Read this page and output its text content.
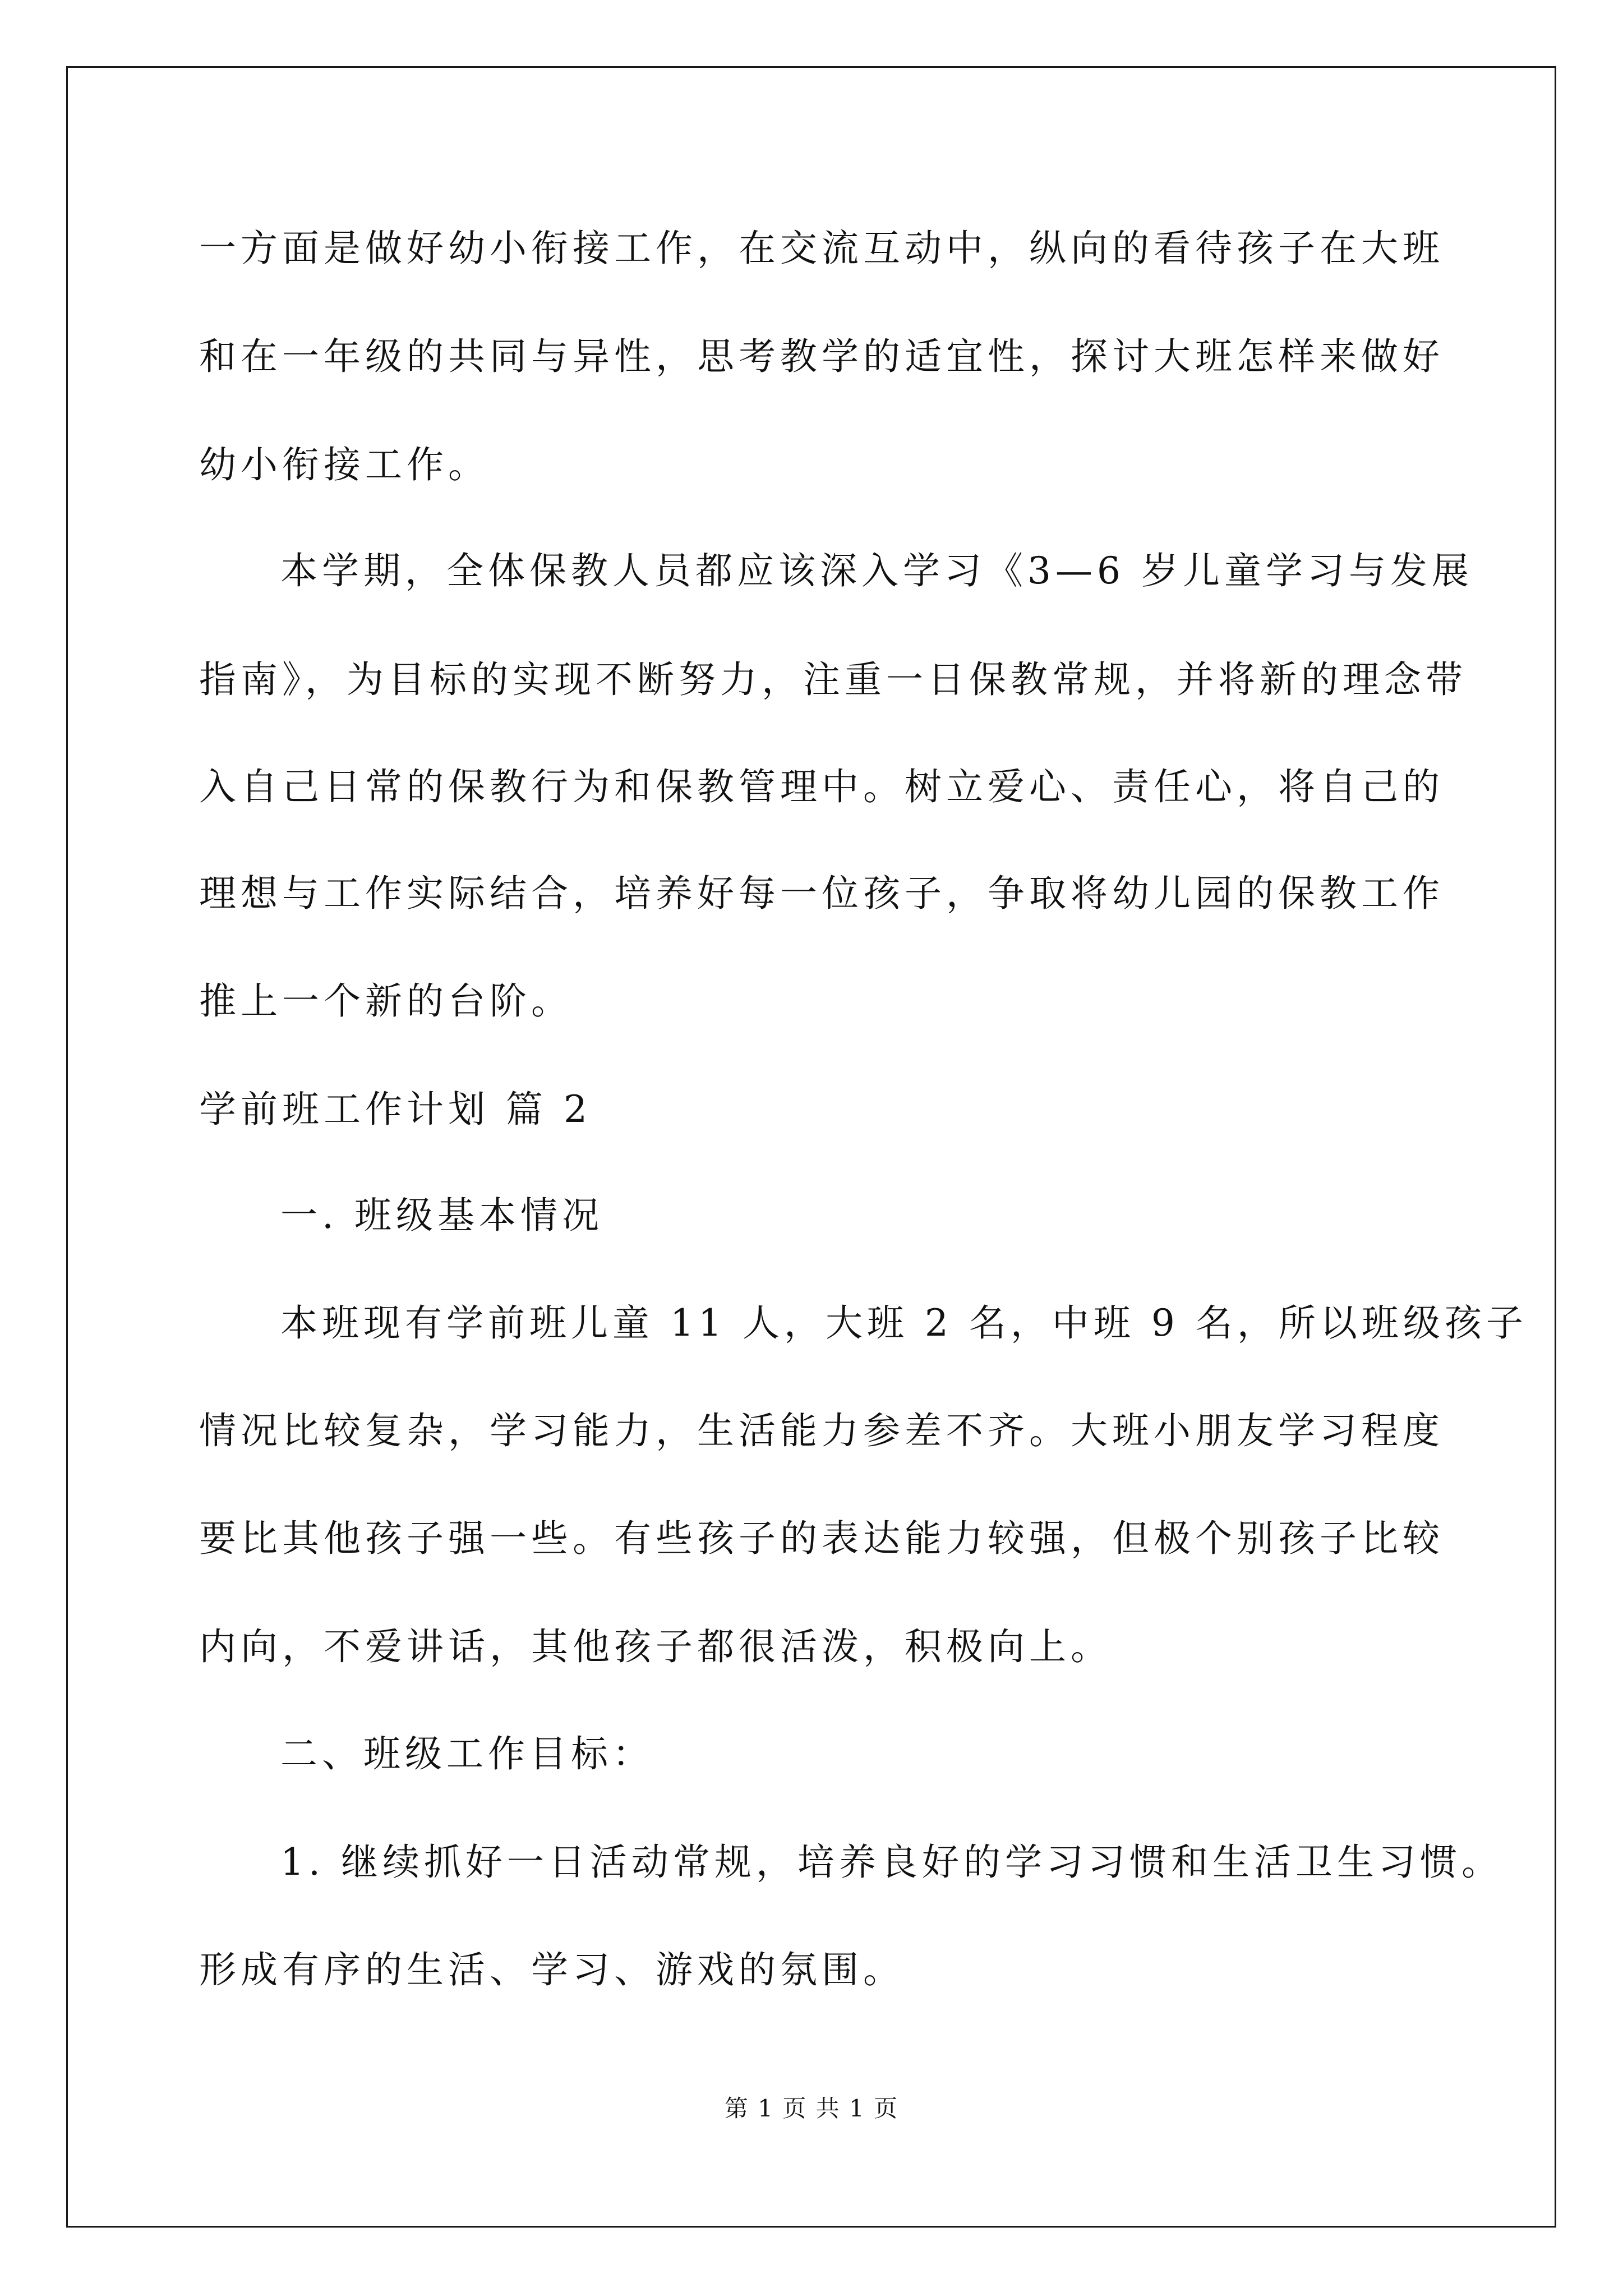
一方面是做好幼小衔接工作，在交流互动中，纵向的看待孩子在大班
和在一年级的共同与异性，思考教学的适宜性，探讨大班怎样来做好
幼小衔接工作。
本学期，全体保教人员都应该深入学习《3—6 岁儿童学习与发展
指南》，为目标的实现不断努力，注重一日保教常规，并将新的理念带
入自己日常的保教行为和保教管理中。树立爱心、责任心，将自己的
理想与工作实际结合，培养好每一位孩子，争取将幼儿园的保教工作
推上一个新的台阶。
学前班工作计划 篇 2
一. 班级基本情况
本班现有学前班儿童 11 人，大班 2 名，中班 9 名，所以班级孩子
情况比较复杂，学习能力，生活能力参差不齐。大班小朋友学习程度
要比其他孩子强一些。有些孩子的表达能力较强，但极个别孩子比较
内向，不爱讲话，其他孩子都很活泼，积极向上。
二、班级工作目标：
1. 继续抓好一日活动常规，培养良好的学习习惯和生活卫生习惯。
形成有序的生活、学习、游戏的氛围。
第 1 页 共 1 页
